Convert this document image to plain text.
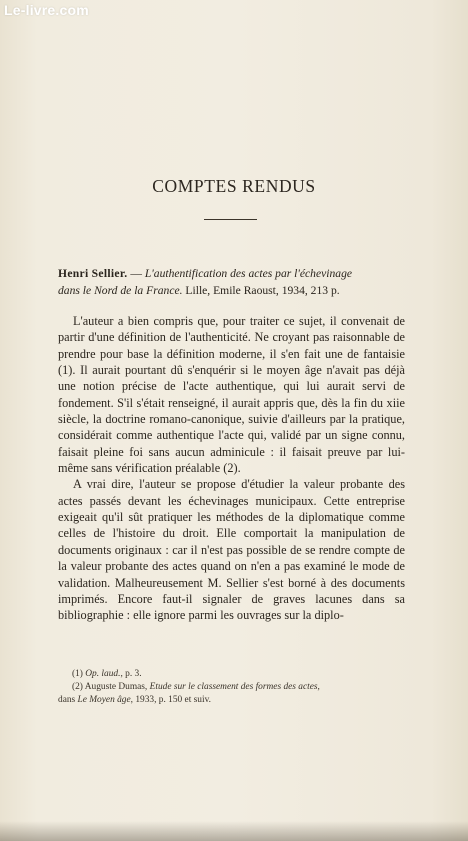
Le-livre.com
COMPTES RENDUS
Henri Sellier. — L'authentification des actes par l'échevinage
dans le Nord de la France. Lille, Emile Raoust, 1934, 213 p.

L'auteur a bien compris que, pour traiter ce sujet, il convenait de partir d'une définition de l'authenticité. Ne croyant pas raisonnable de prendre pour base la définition moderne, il s'en fait une de fantaisie (1). Il aurait pourtant dû s'enquérir si le moyen âge n'avait pas déjà une notion précise de l'acte authentique, qui lui aurait servi de fondement. S'il s'était renseigné, il aurait appris que, dès la fin du xiie siècle, la doctrine romano-canonique, suivie d'ailleurs par la pratique, considérait comme authentique l'acte qui, validé par un signe connu, faisait pleine foi sans aucun adminicule : il faisait preuve par lui-même sans vérification préalable (2).

A vrai dire, l'auteur se propose d'étudier la valeur probante des actes passés devant les échevinages municipaux. Cette entreprise exigeait qu'il sût pratiquer les méthodes de la diplomatique comme celles de l'histoire du droit. Elle comportait la manipulation de documents originaux : car il n'est pas possible de se rendre compte de la valeur probante des actes quand on n'en a pas examiné le mode de validation. Malheureusement M. Sellier s'est borné à des documents imprimés. Encore faut-il signaler de graves lacunes dans sa bibliographie : elle ignore parmi les ouvrages sur la diplo-

(1) Op. laud., p. 3.
(2) Auguste Dumas, Etude sur le classement des formes des actes,
dans Le Moyen âge, 1933, p. 150 et suiv.
